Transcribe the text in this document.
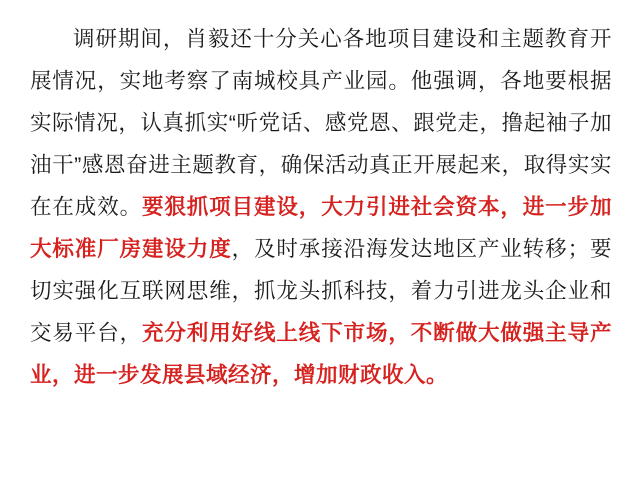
调研期间，肖毅还十分关心各地项目建设和主题教育开展情况，实地考察了南城校具产业园。他强调，各地要根据实际情况，认真抓实“听党话、感党恩、跟党走，撸起袖子加油干”感恩奋进主题教育，确保活动真正开展起来，取得实实在在成效。要狠抓项目建设，大力引进社会资本，进一步加大标准厂房建设力度，及时承接沿海发达地区产业转移；要切实强化互联网思维，抓龙头抓科技，着力引进龙头企业和交易平台，充分利用好线上线下市场，不断做大做强主导产业，进一步发展县域经济，增加财政收入。
